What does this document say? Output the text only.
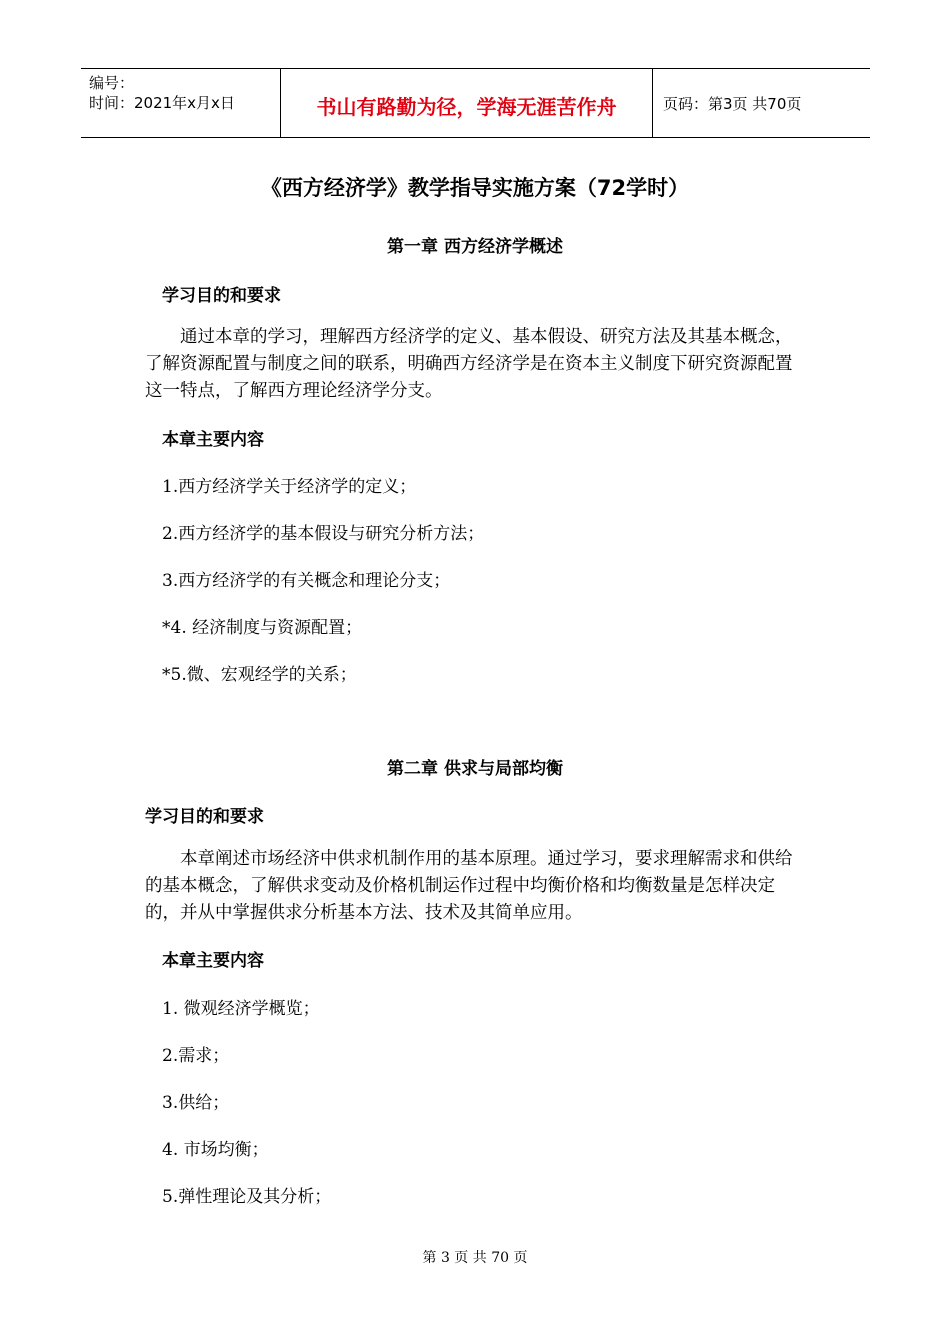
编号：
时间：2021年x月x日	书山有路勤为径，学海无涯苦作舟	页码：第3页 共70页
《西方经济学》教学指导实施方案（72学时）
第一章 西方经济学概述
学习目的和要求
通过本章的学习，理解西方经济学的定义、基本假设、研究方法及其基本概念，了解资源配置与制度之间的联系，明确西方经济学是在资本主义制度下研究资源配置这一特点，了解西方理论经济学分支。
本章主要内容
1.西方经济学关于经济学的定义；
2.西方经济学的基本假设与研究分析方法；
3.西方经济学的有关概念和理论分支；
*4. 经济制度与资源配置；
*5.微、宏观经学的关系；
第二章 供求与局部均衡
学习目的和要求
本章阐述市场经济中供求机制作用的基本原理。通过学习，要求理解需求和供给的基本概念，了解供求变动及价格机制运作过程中均衡价格和均衡数量是怎样决定的，并从中掌握供求分析基本方法、技术及其简单应用。
本章主要内容
1. 微观经济学概览；
2.需求；
3.供给；
4. 市场均衡；
5.弹性理论及其分析；
第 3 页 共 70 页
